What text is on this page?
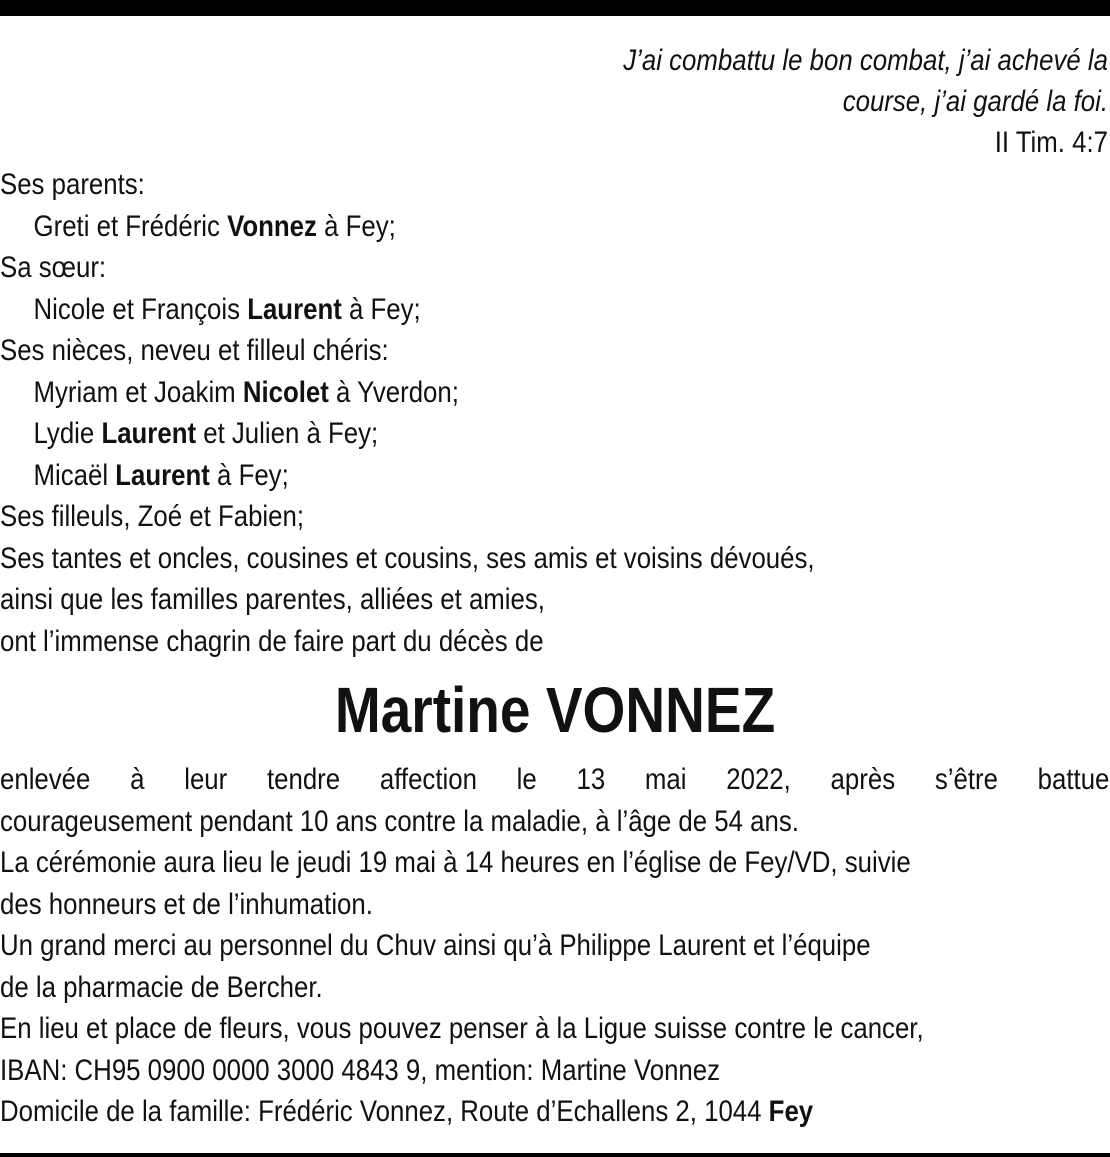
J’ai combattu le bon combat, j’ai achevé la
course, j’ai gardé la foi.
II Tim. 4:7
Ses parents:
Greti et Frédéric Vonnez à Fey;
Sa sœur:
Nicole et François Laurent à Fey;
Ses nièces, neveu et filleul chéris:
Myriam et Joakim Nicolet à Yverdon;
Lydie Laurent et Julien à Fey;
Micaël Laurent à Fey;
Ses filleuls, Zoé et Fabien;
Ses tantes et oncles, cousines et cousins, ses amis et voisins dévoués,
ainsi que les familles parentes, alliées et amies,
ont l’immense chagrin de faire part du décès de
Martine VONNEZ
enlevée à leur tendre affection le 13 mai 2022, après s’être battue
courageusement pendant 10 ans contre la maladie, à l’âge de 54 ans.
La cérémonie aura lieu le jeudi 19 mai à 14 heures en l’église de Fey/VD, suivie
des honneurs et de l’inhumation.
Un grand merci au personnel du Chuv ainsi qu’à Philippe Laurent et l’équipe
de la pharmacie de Bercher.
En lieu et place de fleurs, vous pouvez penser à la Ligue suisse contre le cancer,
IBAN: CH95 0900 0000 3000 4843 9, mention: Martine Vonnez
Domicile de la famille: Frédéric Vonnez, Route d’Echallens 2, 1044 Fey
